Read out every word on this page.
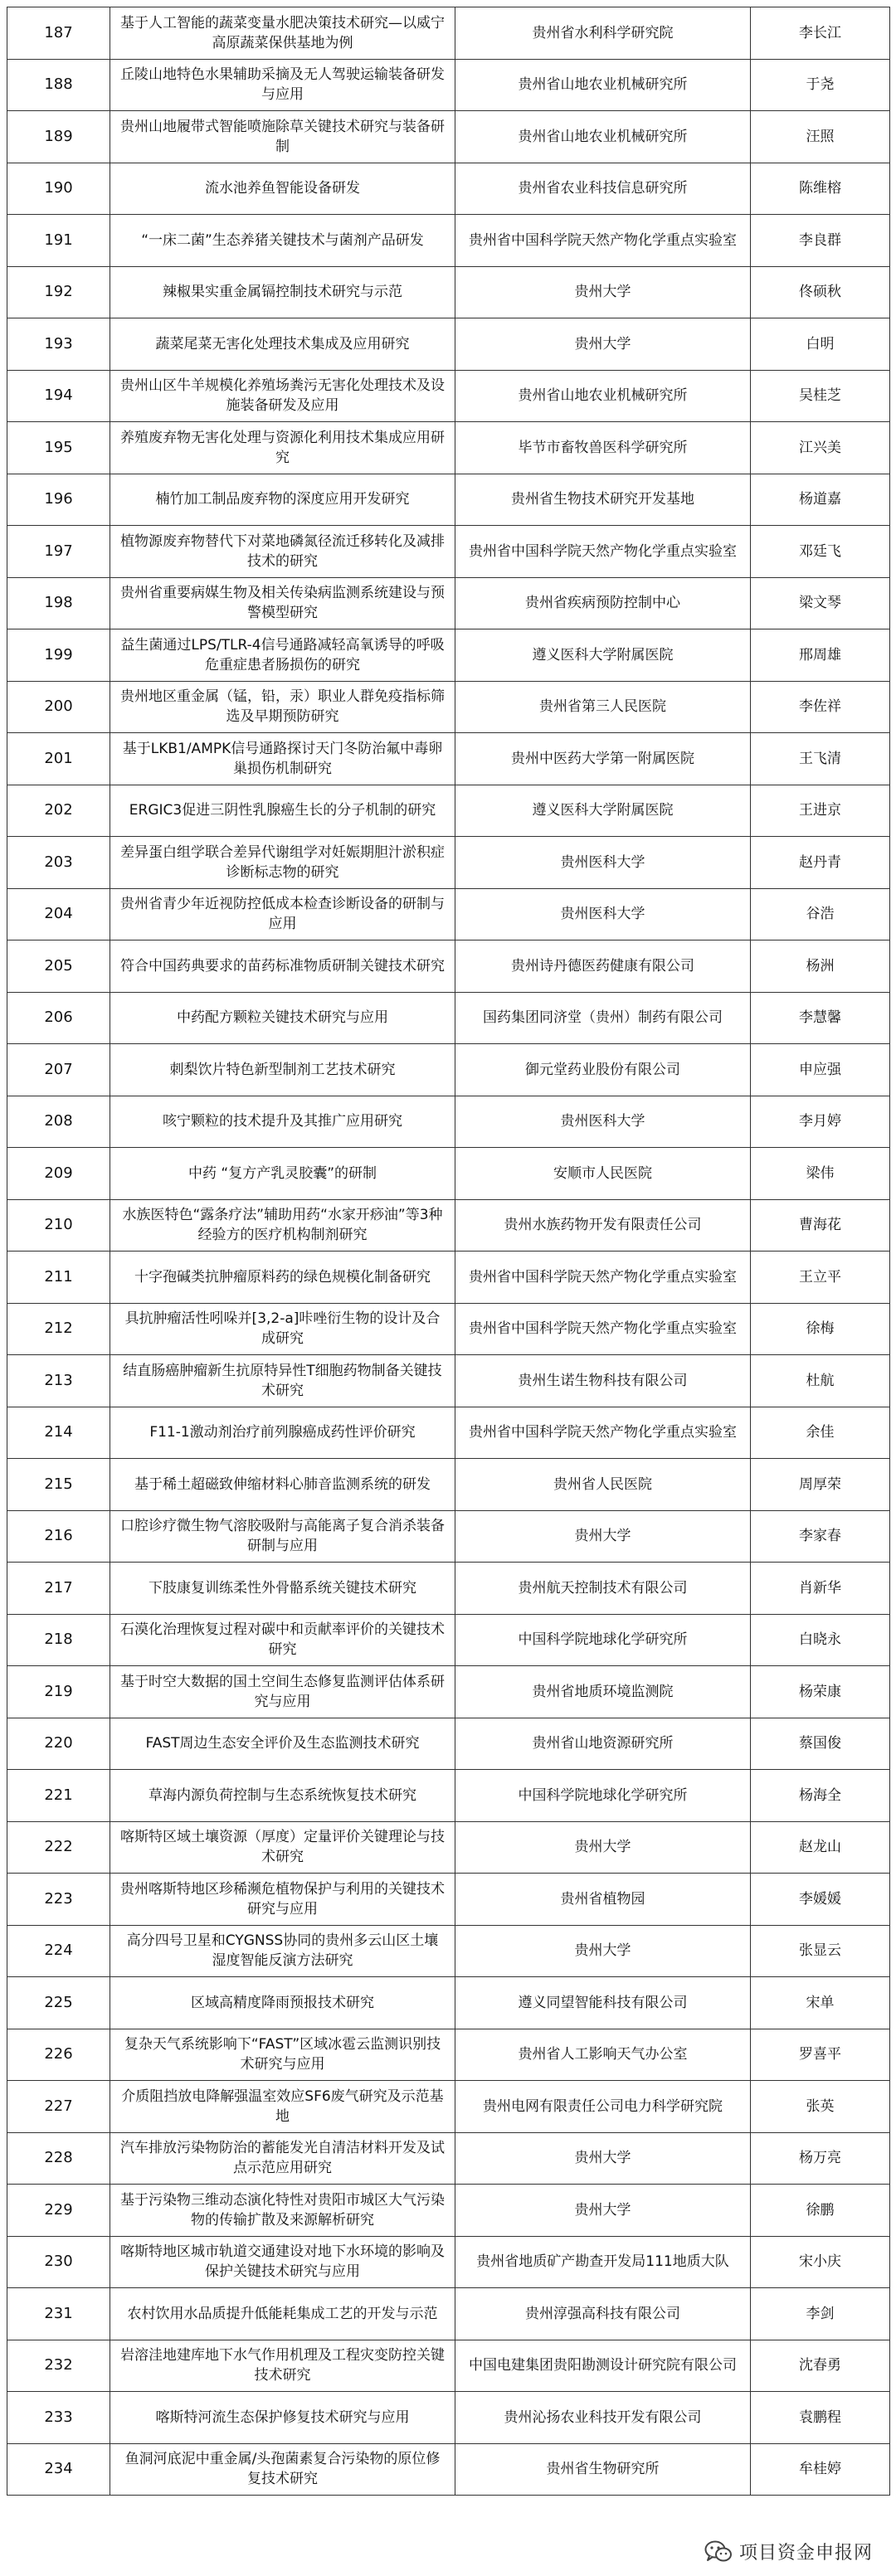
187	基于人工智能的蔬菜变量水肥决策技术研究—以威宁高原蔬菜保供基地为例	贵州省水利科学研究院	李长江

188	丘陵山地特色水果辅助采摘及无人驾驶运输装备研发与应用	贵州省山地农业机械研究所	于尧

189	贵州山地履带式智能喷施除草关键技术研究与装备研制	贵州省山地农业机械研究所	汪照

190	流水池养鱼智能设备研发	贵州省农业科技信息研究所	陈维榕

191	“一床二菌”生态养猪关键技术与菌剂产品研发	贵州省中国科学院天然产物化学重点实验室	李良群

192	辣椒果实重金属镉控制技术研究与示范	贵州大学	佟硕秋

193	蔬菜尾菜无害化处理技术集成及应用研究	贵州大学	白明

194	贵州山区牛羊规模化养殖场粪污无害化处理技术及设施装备研发及应用	贵州省山地农业机械研究所	吴桂芝

195	养殖废弃物无害化处理与资源化利用技术集成应用研究	毕节市畜牧兽医科学研究所	江兴美

196	楠竹加工制品废弃物的深度应用开发研究	贵州省生物技术研究开发基地	杨道嘉

197	植物源废弃物替代下对菜地磷氮径流迁移转化及减排技术的研究	贵州省中国科学院天然产物化学重点实验室	邓廷飞

198	贵州省重要病媒生物及相关传染病监测系统建设与预警模型研究	贵州省疾病预防控制中心	梁文琴

199	益生菌通过LPS/TLR-4信号通路减轻高氧诱导的呼吸危重症患者肠损伤的研究	遵义医科大学附属医院	邢周雄

200	贵州地区重金属（锰，铅，汞）职业人群免疫指标筛选及早期预防研究	贵州省第三人民医院	李佐祥

201	基于LKB1/AMPK信号通路探讨天门冬防治氟中毒卵巢损伤机制研究	贵州中医药大学第一附属医院	王飞清

202	ERGIC3促进三阴性乳腺癌生长的分子机制的研究	遵义医科大学附属医院	王进京

203	差异蛋白组学联合差异代谢组学对妊娠期胆汁淤积症诊断标志物的研究	贵州医科大学	赵丹青

204	贵州省青少年近视防控低成本检查诊断设备的研制与应用	贵州医科大学	谷浩

205	符合中国药典要求的苗药标准物质研制关键技术研究	贵州诗丹德医药健康有限公司	杨洲

206	中药配方颗粒关键技术研究与应用	国药集团同济堂（贵州）制药有限公司	李慧馨

207	刺梨饮片特色新型制剂工艺技术研究	御元堂药业股份有限公司	申应强

208	咳宁颗粒的技术提升及其推广应用研究	贵州医科大学	李月婷

209	中药 “复方产乳灵胶囊”的研制	安顺市人民医院	梁伟

210	水族医特色“露条疗法”辅助用药“水家开痧油”等3种经验方的医疗机构制剂研究	贵州水族药物开发有限责任公司	曹海花

211	十字孢碱类抗肿瘤原料药的绿色规模化制备研究	贵州省中国科学院天然产物化学重点实验室	王立平

212	具抗肿瘤活性吲哚并[3,2-a]咔唑衍生物的设计及合成研究	贵州省中国科学院天然产物化学重点实验室	徐梅

213	结直肠癌肿瘤新生抗原特异性T细胞药物制备关键技术研究	贵州生诺生物科技有限公司	杜航

214	F11-1激动剂治疗前列腺癌成药性评价研究	贵州省中国科学院天然产物化学重点实验室	余佳

215	基于稀土超磁致伸缩材料心肺音监测系统的研发	贵州省人民医院	周厚荣

216	口腔诊疗微生物气溶胶吸附与高能离子复合消杀装备研制与应用	贵州大学	李家春

217	下肢康复训练柔性外骨骼系统关键技术研究	贵州航天控制技术有限公司	肖新华

218	石漠化治理恢复过程对碳中和贡献率评价的关键技术研究	中国科学院地球化学研究所	白晓永

219	基于时空大数据的国土空间生态修复监测评估体系研究与应用	贵州省地质环境监测院	杨荣康

220	FAST周边生态安全评价及生态监测技术研究	贵州省山地资源研究所	蔡国俊

221	草海内源负荷控制与生态系统恢复技术研究	中国科学院地球化学研究所	杨海全

222	喀斯特区域土壤资源（厚度）定量评价关键理论与技术研究	贵州大学	赵龙山

223	贵州喀斯特地区珍稀濒危植物保护与利用的关键技术研究与应用	贵州省植物园	李媛媛

224	高分四号卫星和CYGNSS协同的贵州多云山区土壤湿度智能反演方法研究	贵州大学	张显云

225	区域高精度降雨预报技术研究	遵义同望智能科技有限公司	宋单

226	复杂天气系统影响下“FAST”区域冰雹云监测识别技术研究与应用	贵州省人工影响天气办公室	罗喜平

227	介质阻挡放电降解强温室效应SF6废气研究及示范基地	贵州电网有限责任公司电力科学研究院	张英

228	汽车排放污染物防治的蓄能发光自清洁材料开发及试点示范应用研究	贵州大学	杨万亮

229	基于污染物三维动态演化特性对贵阳市城区大气污染物的传输扩散及来源解析研究	贵州大学	徐鹏

230	喀斯特地区城市轨道交通建设对地下水环境的影响及保护关键技术研究与应用	贵州省地质矿产勘查开发局111地质大队	宋小庆

231	农村饮用水品质提升低能耗集成工艺的开发与示范	贵州淳强高科技有限公司	李剑

232	岩溶洼地建库地下水气作用机理及工程灾变防控关键技术研究	中国电建集团贵阳勘测设计研究院有限公司	沈春勇

233	喀斯特河流生态保护修复技术研究与应用	贵州沁扬农业科技开发有限公司	袁鹏程

234	鱼洞河底泥中重金属/头孢菌素复合污染物的原位修复技术研究	贵州省生物研究所	牟桂婷
项目资金申报网
